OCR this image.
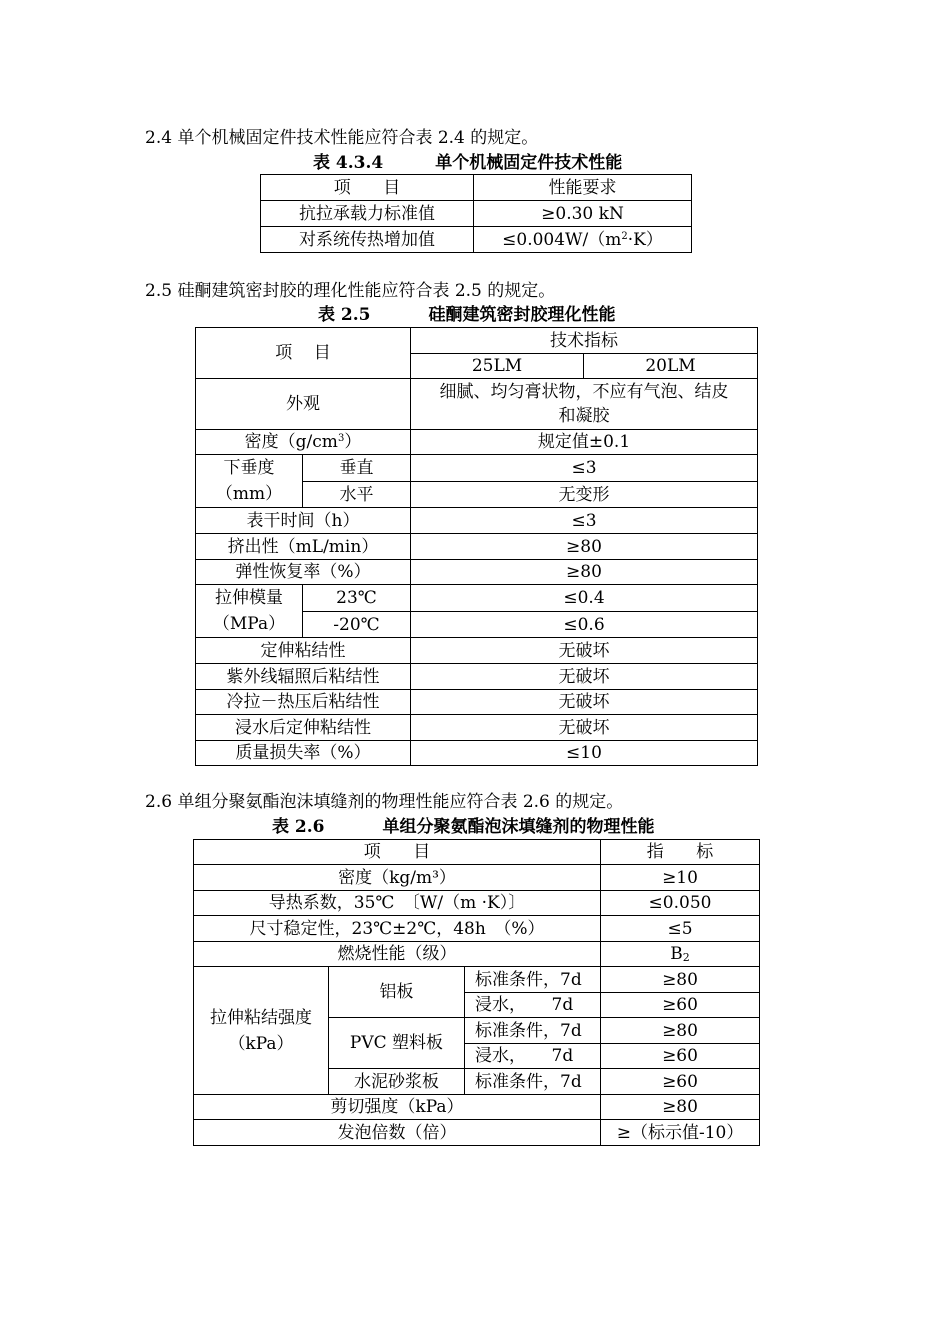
2.4 单个机械固定件技术性能应符合表 2.4 的规定。
表 4.3.4	单个机械固定件技术性能
项      目	性能要求
抗拉承载力标准值	≥0.30 kN
对系统传热增加值	$\le 0.004W/(m^2\cdot K)$
2.5 硅酮建筑密封胶的理化性能应符合表 2.5 的规定。
表 2.5	硅酮建筑密封胶理化性能
项    目		技术指标	
		25LM	20LM
外观		细腻、均匀膏状物，不应有气泡、结皮
和凝胶	

密度$(g/cm^3)$		规定值±0.1	

下垂度
（mm）	垂直	≤3	
	水平	无变形	
表干时间（h）		≤3	
挤出性（mL/min）		≥80	
弹性恢复率（%）		≥80	

拉伸模量
（MPa）	23℃	≤0.4	
	-20℃	≤0.6	
定伸粘结性		无破坏	
紫外线辐照后粘结性		无破坏	
冷拉－热压后粘结性		无破坏	
浸水后定伸粘结性		无破坏	
质量损失率（%）		≤10	
2.6 单组分聚氨酯泡沫填缝剂的物理性能应符合表 2.6 的规定。
表 2.6	单组分聚氨酯泡沫填缝剂的物理性能
项      目			指      标
密度（kg/m³）			≥10
导热系数，35℃　〔W/（m ·K）〕			≤0.050
尺寸稳定性，23℃±2℃，48h　（%）			≤5
燃烧性能（级）			$B_2$

拉伸粘结强度
（kPa）	铝板	标准条件，7d	≥80
		浸水，　　7d	≥60
	PVC 塑料板	标准条件，7d	≥80
		浸水，　　7d	≥60
	水泥砂浆板	标准条件，7d	≥60
剪切强度（kPa）			≥80
发泡倍数（倍）			≥（标示值-10）
